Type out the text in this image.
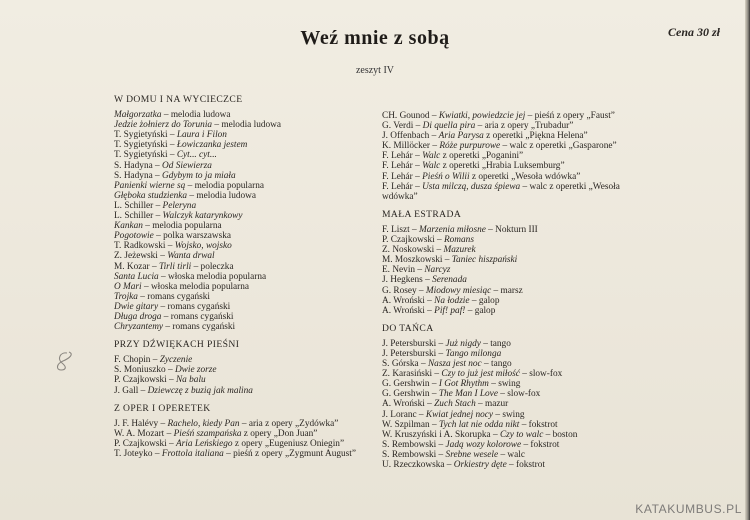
Weź mnie z sobą	Cena 30 zł
zeszyt IV
W DOMU I NA WYCIECZCE
Małgorzatka – melodia ludowa
Jedzie żołnierz do Torunia – melodia ludowa
T. Sygietyński – Laura i Filon
T. Sygietyński – Łowiczanka jestem
T. Sygietyński – Cyt... cyt...
S. Hadyna – Od Siewierza
S. Hadyna – Gdybym to ja miała
Panienki wierne są – melodia popularna
Głęboka studzienka – melodia ludowa
L. Schiller – Peleryna
L. Schiller – Walczyk katarynkowy
Kankan – melodia popularna
Pogotowie – polka warszawska
T. Radkowski – Wojsko, wojsko
Z. Jeżewski – Wanta drwal
M. Kozar – Tirli tirli – poleczka
Santa Lucia – włoska melodia popularna
O Mari – włoska melodia popularna
Trojka – romans cygański
Dwie gitary – romans cygański
Długa droga – romans cygański
Chryzantemy – romans cygański
PRZY DŹWIĘKACH PIEŚNI
F. Chopin – Życzenie
S. Moniuszko – Dwie zorze
P. Czajkowski – Na balu
J. Gall – Dziewczę z buzią jak malina
Z OPER I OPERETEK
J. F. Halévy – Rachelo, kiedy Pan – aria z opery „Żydówka”
W. A. Mozart – Pieśń szampańska z opery „Don Juan”
P. Czajkowski – Aria Leńskiego z opery „Eugeniusz Oniegin”
T. Joteyko – Frottola italiana – pieśń z opery „Zygmunt August”
CH. Gounod – Kwiatki, powiedzcie jej – pieśń z opery „Faust”
G. Verdi – Di quella pira – aria z opery „Trubadur”
J. Offenbach – Aria Parysa z operetki „Piękna Helena”
K. Millöcker – Róże purpurowe – walc z operetki „Gasparone”
F. Lehár – Walc z operetki „Poganini”
F. Lehár – Walc z operetki „Hrabia Luksemburg”
F. Lehár – Pieśń o Wilii z operetki „Wesoła wdówka”
F. Lehár – Usta milczą, dusza śpiewa – walc z operetki „Wesoła wdówka”
MAŁA ESTRADA
F. Liszt – Marzenia miłosne – Nokturn III
P. Czajkowski – Romans
Z. Noskowski – Mazurek
M. Moszkowski – Taniec hiszpański
E. Nevin – Narcyz
J. Hegkens – Serenada
G. Rosey – Miodowy miesiąc – marsz
A. Wroński – Na łodzie – galop
A. Wroński – Pif! paf! – galop
DO TAŃCA
J. Petersburski – Już nigdy – tango
J. Petersburski – Tango milonga
S. Górska – Nasza jest noc – tango
Z. Karasiński – Czy to już jest miłość – slow-fox
G. Gershwin – I Got Rhythm – swing
G. Gershwin – The Man I Love – slow-fox
A. Wroński – Zuch Stach – mazur
J. Loranc – Kwiat jednej nocy – swing
W. Szpilman – Tych lat nie odda nikt – fokstrot
W. Kruszyński i A. Skorupka – Czy to walc – boston
S. Rembowski – Jadą wozy kolorowe – fokstrot
S. Rembowski – Srebne wesele – walc
U. Rzeczkowska – Orkiestry dęte – fokstrot
KATAKUMBUS.PL
